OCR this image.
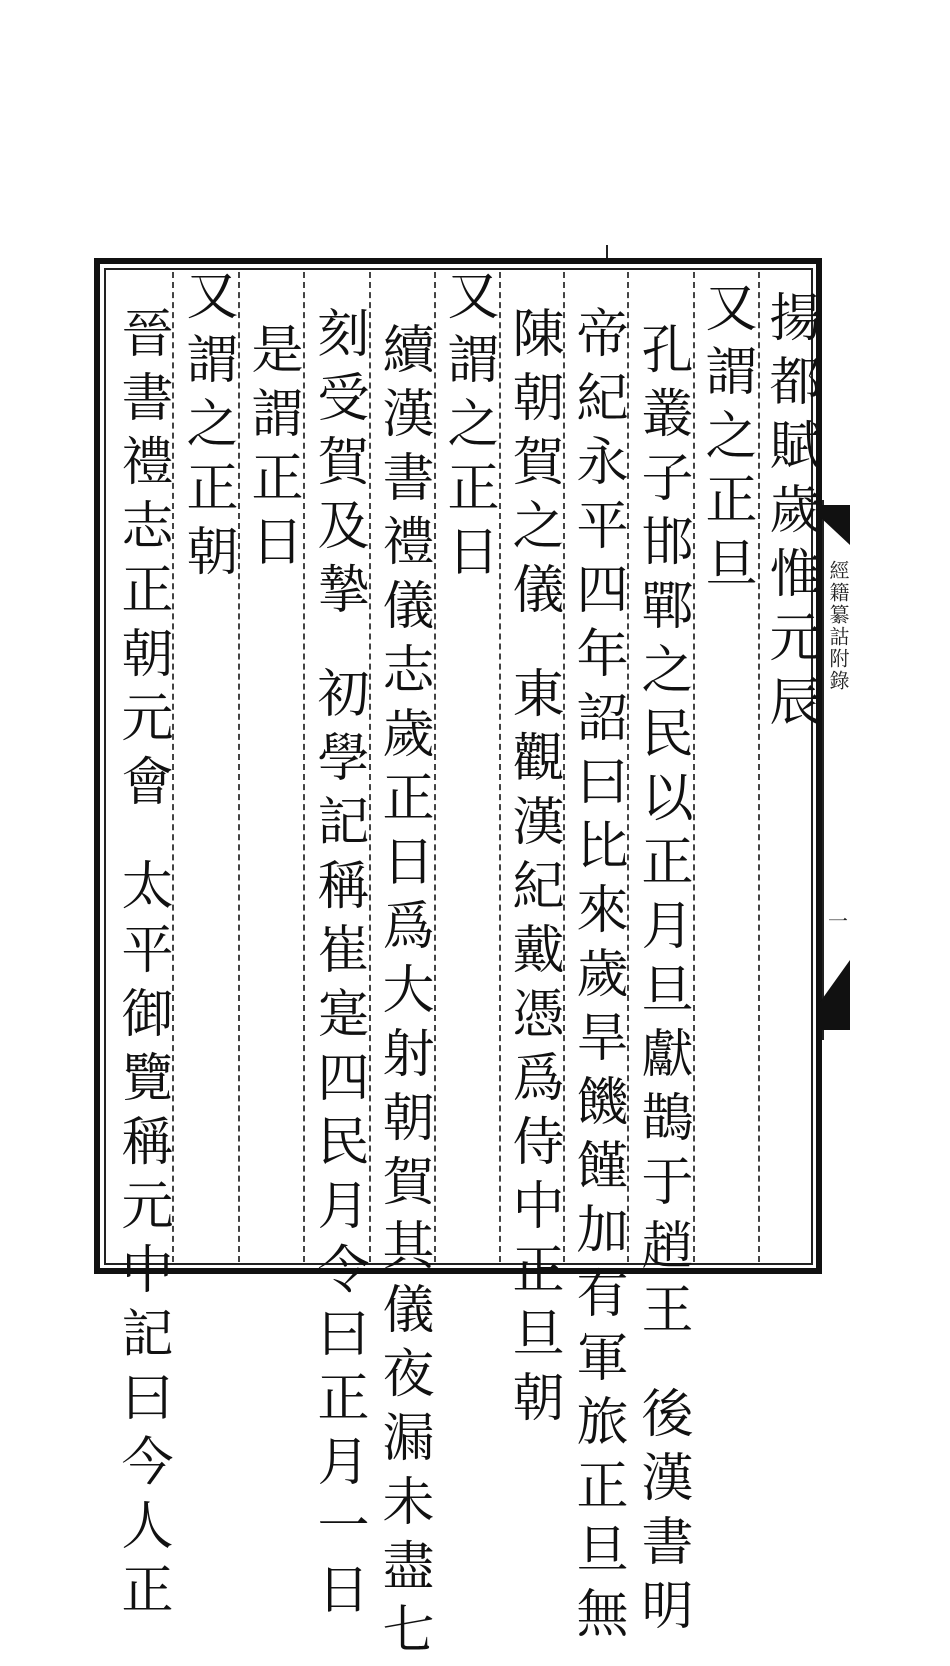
揚都賦歲惟元辰
又謂之正旦
孔叢子邯鄲之民以正月旦獻鵲于趙王後漢書明
帝紀永平四年詔曰比來歲旱饑饉加有軍旅正旦無
陳朝賀之儀東觀漢紀戴憑爲侍中正旦朝
又謂之正日
續漢書禮儀志歲正日爲大射朝賀其儀夜漏未盡七
刻受賀及摯初學記稱崔寔四民月令曰正月一日
是謂正日
又謂之正朝
晉書禮志正朝元會太平御覽稱元中記曰今人正
經籍纂詁附錄
一
